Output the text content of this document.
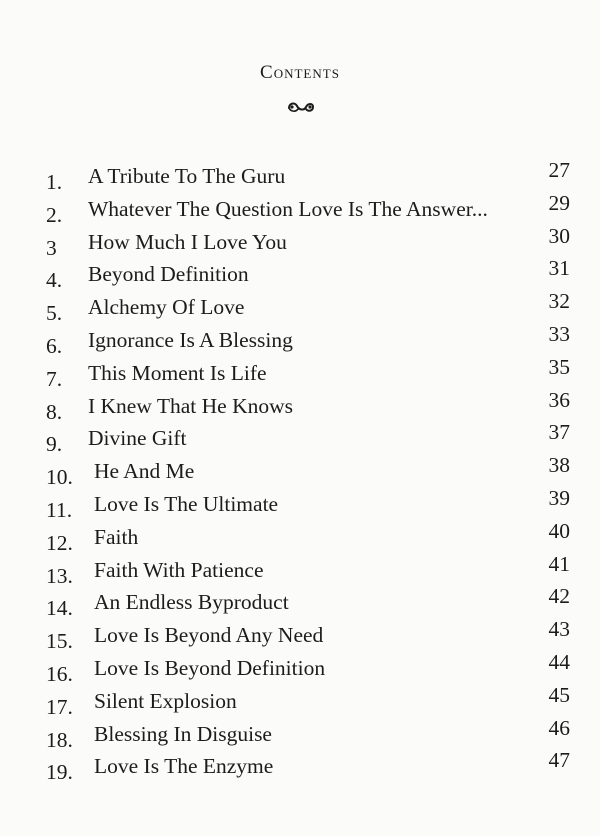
Contents
1. A Tribute To The Guru	27
2. Whatever The Question Love Is The Answer...	29
3 How Much I Love You	30
4. Beyond Definition	31
5. Alchemy Of Love	32
6. Ignorance Is A Blessing	33
7. This Moment Is Life	35
8. I Knew That He Knows	36
9. Divine Gift	37
10. He And Me	38
11. Love Is The Ultimate	39
12. Faith	40
13. Faith With Patience	41
14. An Endless Byproduct	42
15. Love Is Beyond Any Need	43
16. Love Is Beyond Definition	44
17. Silent Explosion	45
18. Blessing In Disguise	46
19. Love Is The Enzyme	47
